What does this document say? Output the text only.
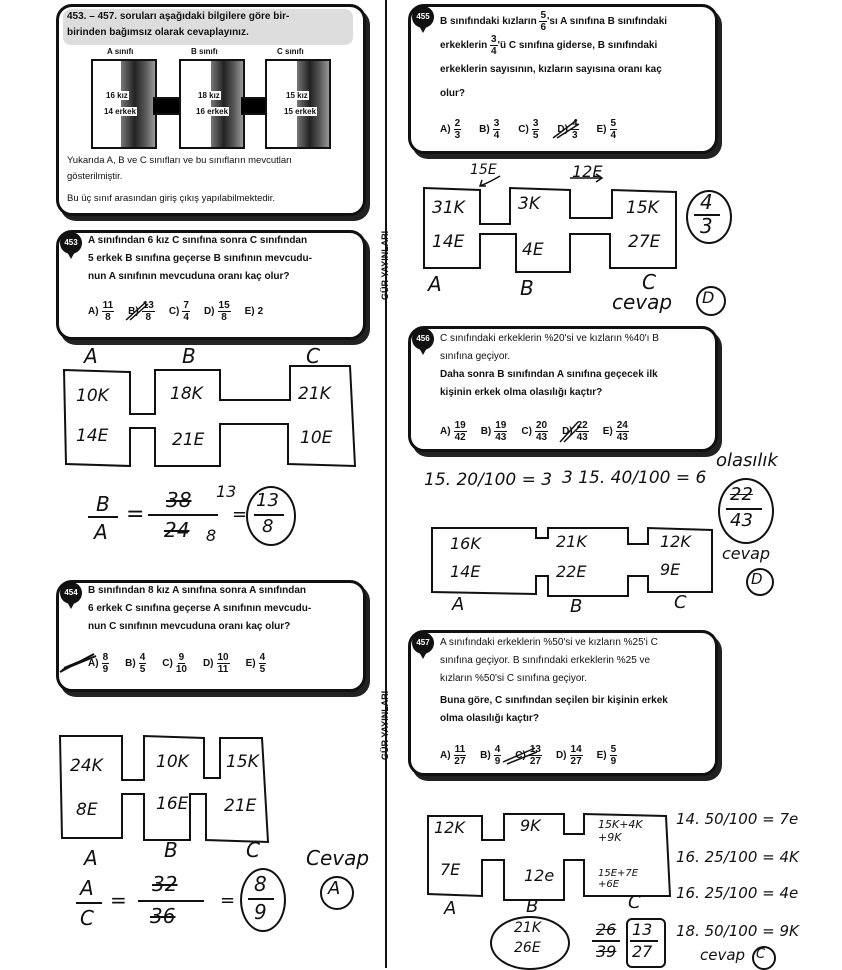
GÜR YAYINLARI
GÜR YAYINLARI
453. – 457. soruları aşağıdaki bilgilere göre bir-
birinden bağımsız olarak cevaplayınız.
A sınıfı	B sınıfı	C sınıfı
16 kız
14 erkek
18 kız
16 erkek
15 kız
15 erkek
Yukarıda A, B ve C sınıfları ve bu sınıfların mevcutları
gösterilmiştir.
Bu üç sınıf arasından giriş çıkış yapılabilmektedir.
453	A sınıfından 6 kız C sınıfına sonra C sınıfından
5 erkek B sınıfına geçerse B sınıfının mevcudu-
nun A sınıfının mevcuduna oranı kaç olur?
$A) \frac{11}{8} B) \frac{13}{8} C) \frac{7}{4} D) \frac{15}{8} E$) 2
A	B	C
10K	18K	21K
14E	21E	10E
B
A
=
38
24
13
8
=
13
8
454	B sınıfından 8 kız A sınıfına sonra A sınıfından
6 erkek C sınıfına geçerse A sınıfının mevcudu-
nun C sınıfının mevcuduna oranı kaç olur?
$A) \frac{8}{9} B) \frac{4}{5} C) \frac{9}{10} D) \frac{10}{11} E) \frac{4}{5}$
24K	10K 15K
8E	16E 21E
A	B	C Cevap
A
A
C
=
32
36
=
8
9
455	B sınıfındaki kızların $\frac{5}{6}$ 'sı A sınıfına B sınıfındaki
erkeklerin $\frac{3}{4}$ 'ü C sınıfına giderse, B sınıfındaki
erkeklerin sayısının, kızların sayısına oranı kaç
olur?
$A) \frac{2}{3} B) \frac{3}{4} C) \frac{3}{5} D) \frac{4}{3} E) \frac{5}{4}$
15E	12E
31K	3K	15K
14E	4E	27E
A	B	C
4
3
cevap D
456	C sınıfındaki erkeklerin %20'si ve kızların %40'ı B
sınıfına geçiyor.
Daha sonra B sınıfından A sınıfına geçecek ilk
kişinin erkek olma olasılığı kaçtır?
$A) \frac{19}{42} B) \frac{19}{43} C) \frac{20}{43} D) \frac{22}{43} E) \frac{24}{43}$
olasılık
15. 20/100 = 3 3 15. 40/100 = 6
22
43
cevap
D
16K	21K	12K
14E	22E	9E
A	B	C
457	A sınıfındaki erkeklerin %50'si ve kızların %25'i C
sınıfına geçiyor. B sınıfındaki erkeklerin %25 ve
kızların %50'si C sınıfına geçiyor.
Buna göre, C sınıfından seçilen bir kişinin erkek
olma olasılığı kaçtır?
$A) \frac{11}{27} B) \frac{4}{9} C) \frac{13}{27} D) \frac{14}{27} E) \frac{5}{9}$
12K	9K	15K+4K +9K
7E	12e	15E+7E +6E
A	B	C
14. 50/100 = 7e
16. 25/100 = 4K
16. 25/100 = 4e
18. 50/100 = 9K
21K
26E
26
39
13
27	cevap C
